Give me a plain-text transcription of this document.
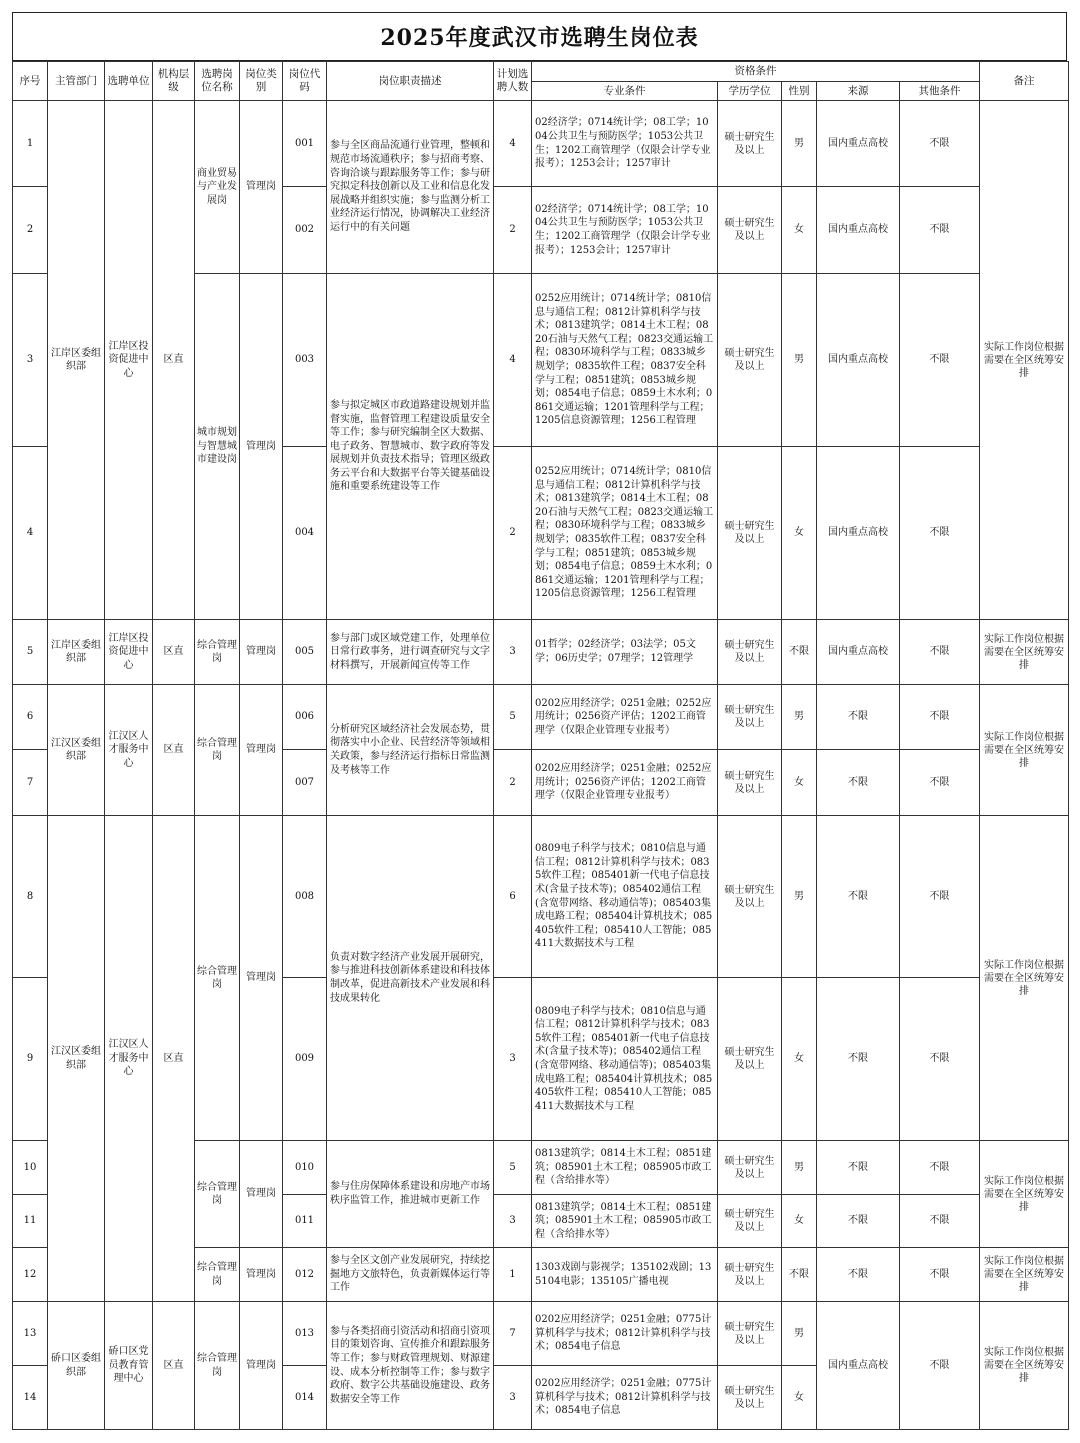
2025年度武汉市选聘生岗位表
序号	主管部门	选聘单位	机构层级	选聘岗位名称	岗位类别	岗位代码	岗位职责描述	计划选聘人数	资格条件					备注
									专业条件	学历学位	性别	来源	其他条件	
1	江岸区委组织部	江岸区投资促进中心	区直	商业贸易与产业发展岗	管理岗	001	参与全区商品流通行业管理，整顿和规范市场流通秩序；参与招商考察、咨询洽谈与跟踪服务等工作；参与研究拟定科技创新以及工业和信息化发展战略并组织实施；参与监测分析工业经济运行情况，协调解决工业经济运行中的有关问题	4	02经济学；0714统计学；08工学；1004公共卫生与预防医学；1053公共卫生；1202工商管理学（仅限会计学专业报考）；1253会计；1257审计	硕士研究生及以上	男	国内重点高校	不限	实际工作岗位根据需要在全区统筹安排
2						002		2	02经济学；0714统计学；08工学；1004公共卫生与预防医学；1053公共卫生；1202工商管理学（仅限会计学专业报考）；1253会计；1257审计	硕士研究生及以上	女	国内重点高校	不限	
3				城市规划与智慧城市建设岗	管理岗	003	参与拟定城区市政道路建设规划并监督实施，监督管理工程建设质量安全等工作；参与研究编制全区大数据、电子政务、智慧城市、数字政府等发展规划并负责技术指导；管理区级政务云平台和大数据平台等关键基础设施和重要系统建设等工作	4	0252应用统计；0714统计学；0810信息与通信工程；0812计算机科学与技术；0813建筑学；0814土木工程；0820石油与天然气工程；0823交通运输工程；0830环境科学与工程；0833城乡规划学；0835软件工程；0837安全科学与工程；0851建筑；0853城乡规划；0854电子信息；0859土木水利；0861交通运输；1201管理科学与工程；1205信息资源管理；1256工程管理	硕士研究生及以上	男	国内重点高校	不限	
4						004		2	0252应用统计；0714统计学；0810信息与通信工程；0812计算机科学与技术；0813建筑学；0814土木工程；0820石油与天然气工程；0823交通运输工程；0830环境科学与工程；0833城乡规划学；0835软件工程；0837安全科学与工程；0851建筑；0853城乡规划；0854电子信息；0859土木水利；0861交通运输；1201管理科学与工程；1205信息资源管理；1256工程管理	硕士研究生及以上	女	国内重点高校	不限	
5	江岸区委组织部	江岸区投资促进中心	区直	综合管理岗	管理岗	005	参与部门或区域党建工作，处理单位日常行政事务，进行调查研究与文字材料撰写，开展新闻宣传等工作	3	01哲学；02经济学；03法学；05文学；06历史学；07理学；12管理学	硕士研究生及以上	不限	国内重点高校	不限	实际工作岗位根据需要在全区统筹安排
6	江汉区委组织部	江汉区人才服务中心	区直	综合管理岗	管理岗	006	分析研究区域经济社会发展态势，贯彻落实中小企业、民营经济等领域相关政策，参与经济运行指标日常监测及考核等工作	5	0202应用经济学；0251金融；0252应用统计；0256资产评估；1202工商管理学（仅限企业管理专业报考）	硕士研究生及以上	男	不限	不限	实际工作岗位根据需要在全区统筹安排
7						007		2	0202应用经济学；0251金融；0252应用统计；0256资产评估；1202工商管理学（仅限企业管理专业报考）	硕士研究生及以上	女	不限	不限	
8	江汉区委组织部	江汉区人才服务中心	区直	综合管理岗	管理岗	008	负责对数字经济产业发展开展研究，参与推进科技创新体系建设和科技体制改革，促进高新技术产业发展和科技成果转化	6	0809电子科学与技术；0810信息与通信工程；0812计算机科学与技术；0835软件工程；085401新一代电子信息技术(含量子技术等)；085402通信工程(含宽带网络、移动通信等)；085403集成电路工程；085404计算机技术；085405软件工程；085410人工智能；085411大数据技术与工程	硕士研究生及以上	男	不限	不限	实际工作岗位根据需要在全区统筹安排
9						009		3	0809电子科学与技术；0810信息与通信工程；0812计算机科学与技术；0835软件工程；085401新一代电子信息技术(含量子技术等)；085402通信工程(含宽带网络、移动通信等)；085403集成电路工程；085404计算机技术；085405软件工程；085410人工智能；085411大数据技术与工程	硕士研究生及以上	女	不限	不限	
10				综合管理岗	管理岗	010	参与住房保障体系建设和房地产市场秩序监管工作，推进城市更新工作	5	0813建筑学；0814土木工程；0851建筑；085901土木工程；085905市政工程（含给排水等）	硕士研究生及以上	男	不限	不限	实际工作岗位根据需要在全区统筹安排
11						011		3	0813建筑学；0814土木工程；0851建筑；085901土木工程；085905市政工程（含给排水等）	硕士研究生及以上	女	不限	不限	
12				综合管理岗	管理岗	012	参与全区文创产业发展研究，持续挖掘地方文旅特色，负责新媒体运行等工作	1	1303戏剧与影视学；135102戏剧；135104电影；135105广播电视	硕士研究生及以上	不限	不限	不限	实际工作岗位根据需要在全区统筹安排
13	硚口区委组织部	硚口区党员教育管理中心	区直	综合管理岗	管理岗	013	参与各类招商引资活动和招商引资项目的策划咨询、宣传推介和跟踪服务等工作；参与财政管理规划、财源建设、成本分析控制等工作；参与数字政府、数字公共基础设施建设、政务数据安全等工作	7	0202应用经济学；0251金融；0775计算机科学与技术；0812计算机科学与技术；0854电子信息	硕士研究生及以上	男	国内重点高校	不限	实际工作岗位根据需要在全区统筹安排
14						014		3	0202应用经济学；0251金融；0775计算机科学与技术；0812计算机科学与技术；0854电子信息	硕士研究生及以上	女			
